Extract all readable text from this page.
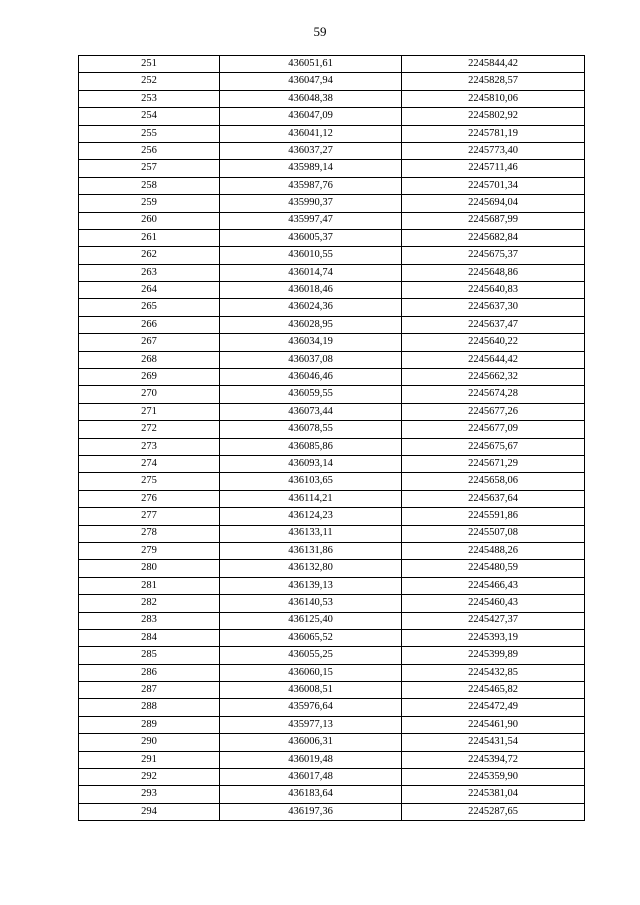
59
251	436051,61	2245844,42
252	436047,94	2245828,57
253	436048,38	2245810,06
254	436047,09	2245802,92
255	436041,12	2245781,19
256	436037,27	2245773,40
257	435989,14	2245711,46
258	435987,76	2245701,34
259	435990,37	2245694,04
260	435997,47	2245687,99
261	436005,37	2245682,84
262	436010,55	2245675,37
263	436014,74	2245648,86
264	436018,46	2245640,83
265	436024,36	2245637,30
266	436028,95	2245637,47
267	436034,19	2245640,22
268	436037,08	2245644,42
269	436046,46	2245662,32
270	436059,55	2245674,28
271	436073,44	2245677,26
272	436078,55	2245677,09
273	436085,86	2245675,67
274	436093,14	2245671,29
275	436103,65	2245658,06
276	436114,21	2245637,64
277	436124,23	2245591,86
278	436133,11	2245507,08
279	436131,86	2245488,26
280	436132,80	2245480,59
281	436139,13	2245466,43
282	436140,53	2245460,43
283	436125,40	2245427,37
284	436065,52	2245393,19
285	436055,25	2245399,89
286	436060,15	2245432,85
287	436008,51	2245465,82
288	435976,64	2245472,49
289	435977,13	2245461,90
290	436006,31	2245431,54
291	436019,48	2245394,72
292	436017,48	2245359,90
293	436183,64	2245381,04
294	436197,36	2245287,65
